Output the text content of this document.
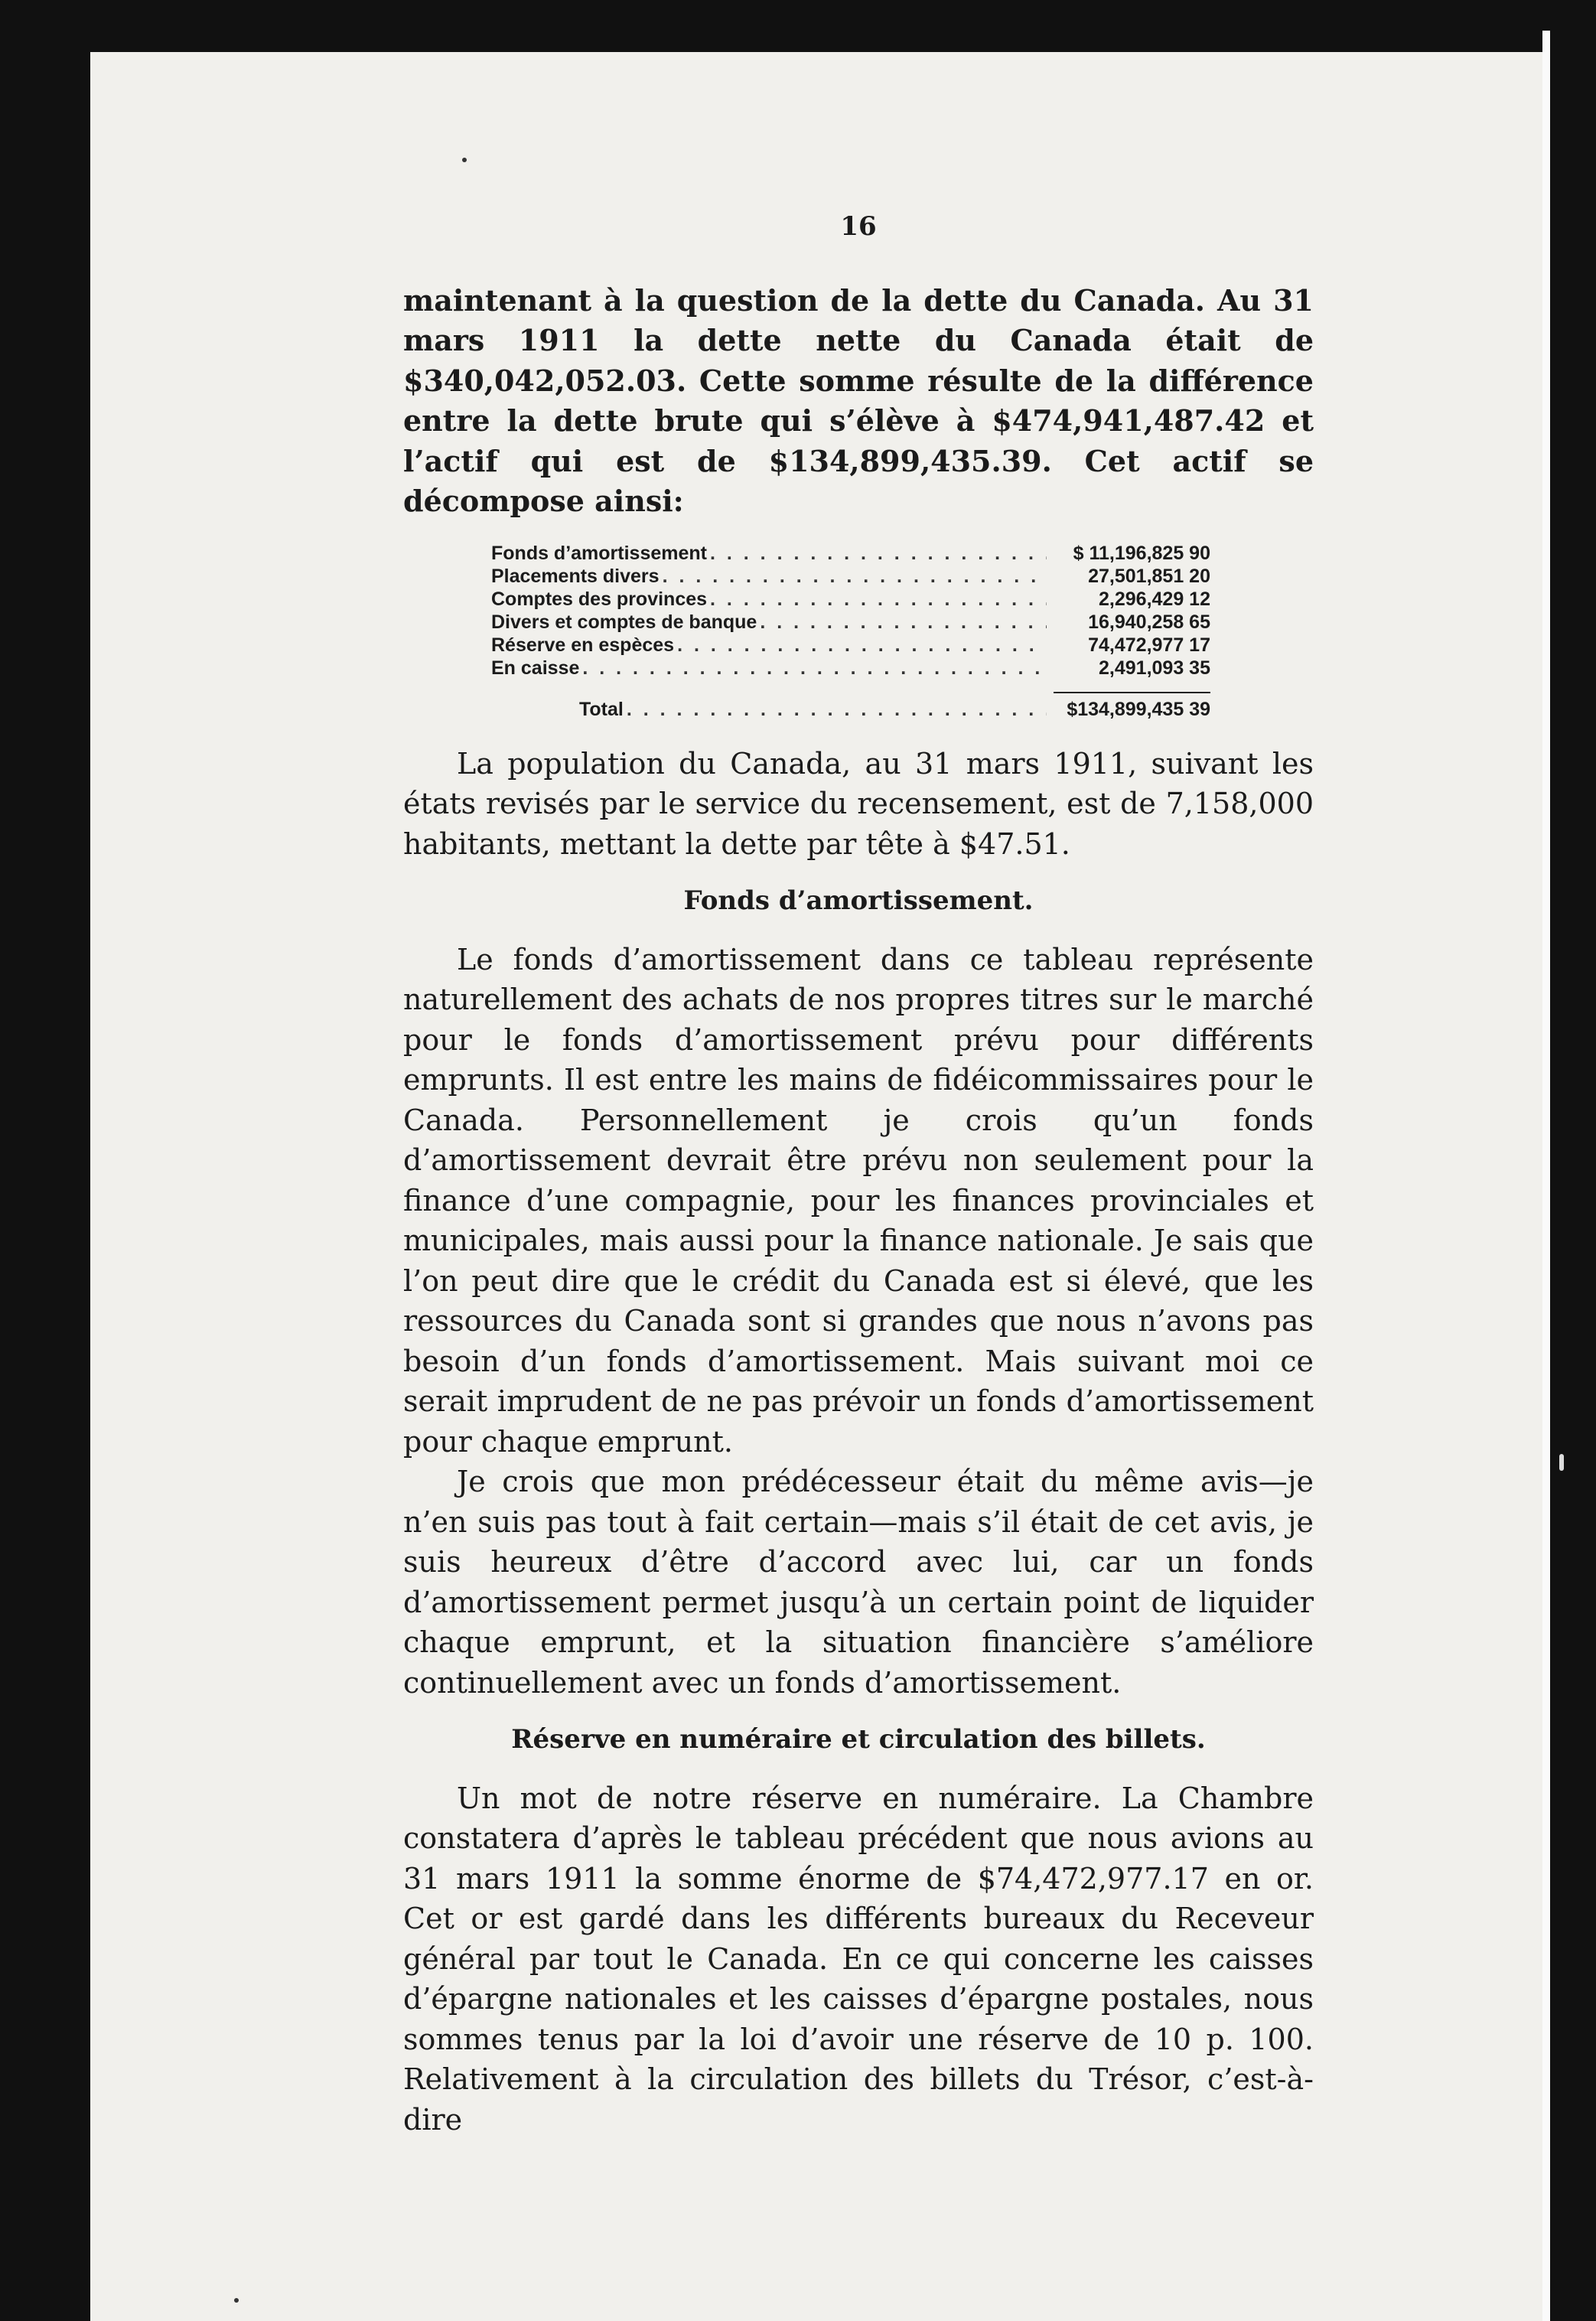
16

maintenant à la question de la dette du Canada. Au 31 mars 1911 la dette nette du Canada était de $340,042,052.03. Cette somme résulte de la différence entre la dette brute qui s’élève à $474,941,487.42 et l’actif qui est de $134,899,435.39. Cet actif se décompose ainsi:

Fonds d’amortissement . . .	$ 11,196,825 90
Placements divers . . .	27,501,851 20
Comptes des provinces . . .	2,296,429 12
Divers et comptes de banque . . .	16,940,258 65
Réserve en espèces . . .	74,472,977 17
En caisse . . .	2,491,093 35
Total . . .	$134,899,435 39

La population du Canada, au 31 mars 1911, suivant les états revisés par le service du recensement, est de 7,158,000 habitants, mettant la dette par tête à $47.51.

Fonds d’amortissement.

Le fonds d’amortissement dans ce tableau représente naturellement des achats de nos propres titres sur le marché pour le fonds d’amortissement prévu pour différents emprunts. Il est entre les mains de fidéicommissaires pour le Canada. Personnellement je crois qu’un fonds d’amortissement devrait être prévu non seulement pour la finance d’une compagnie, pour les finances provinciales et municipales, mais aussi pour la finance nationale. Je sais que l’on peut dire que le crédit du Canada est si élevé, que les ressources du Canada sont si grandes que nous n’avons pas besoin d’un fonds d’amortissement. Mais suivant moi ce serait imprudent de ne pas prévoir un fonds d’amortissement pour chaque emprunt.

Je crois que mon prédécesseur était du même avis—je n’en suis pas tout à fait certain—mais s’il était de cet avis, je suis heureux d’être d’accord avec lui, car un fonds d’amortissement permet jusqu’à un certain point de liquider chaque emprunt, et la situation financière s’améliore continuellement avec un fonds d’amortissement.

Réserve en numéraire et circulation des billets.

Un mot de notre réserve en numéraire. La Chambre constatera d’après le tableau précédent que nous avions au 31 mars 1911 la somme énorme de $74,472,977.17 en or. Cet or est gardé dans les différents bureaux du Receveur général par tout le Canada. En ce qui concerne les caisses d’épargne nationales et les caisses d’épargne postales, nous sommes tenus par la loi d’avoir une réserve de 10 p. 100. Relativement à la circulation des billets du Trésor, c’est-à-dire
